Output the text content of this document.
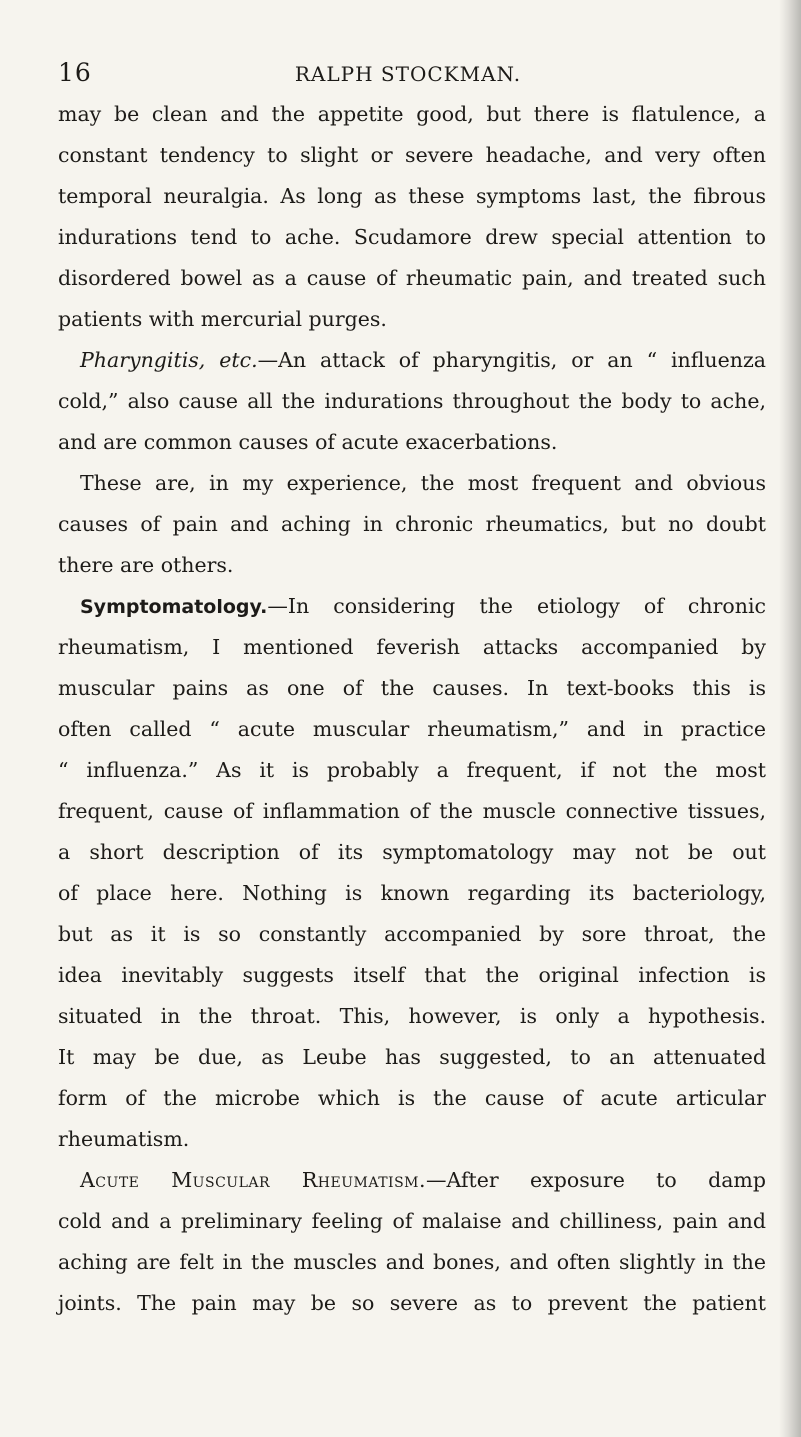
16	RALPH STOCKMAN.
may be clean and the appetite good, but there is flatulence, a
constant tendency to slight or severe headache, and very often
temporal neuralgia. As long as these symptoms last, the fibrous
indurations tend to ache. Scudamore drew special attention to
disordered bowel as a cause of rheumatic pain, and treated such
patients with mercurial purges.
Pharyngitis, etc.—An attack of pharyngitis, or an “ influenza
cold,” also cause all the indurations throughout the body to ache,
and are common causes of acute exacerbations.
These are, in my experience, the most frequent and obvious
causes of pain and aching in chronic rheumatics, but no doubt
there are others.
Symptomatology.—In considering the etiology of chronic
rheumatism, I mentioned feverish attacks accompanied by
muscular pains as one of the causes. In text-books this is
often called “ acute muscular rheumatism,” and in practice
“ influenza.” As it is probably a frequent, if not the most
frequent, cause of inflammation of the muscle connective tissues,
a short description of its symptomatology may not be out
of place here. Nothing is known regarding its bacteriology,
but as it is so constantly accompanied by sore throat, the
idea inevitably suggests itself that the original infection is
situated in the throat. This, however, is only a hypothesis.
It may be due, as Leube has suggested, to an attenuated
form of the microbe which is the cause of acute articular
rheumatism.
Acute Muscular Rheumatism.—After exposure to damp
cold and a preliminary feeling of malaise and chilliness, pain and
aching are felt in the muscles and bones, and often slightly in the
joints. The pain may be so severe as to prevent the patient
